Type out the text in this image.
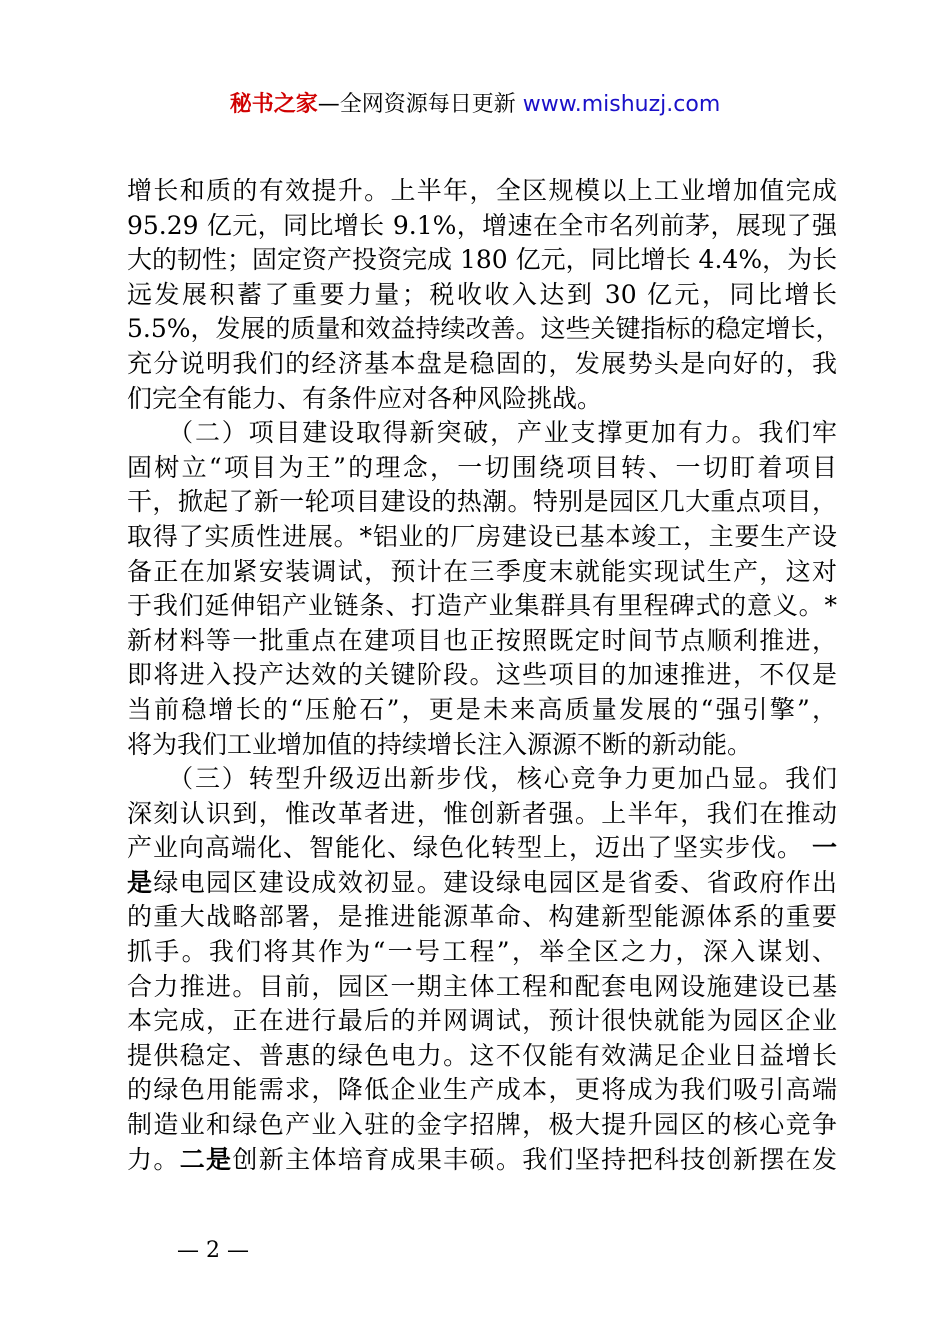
秘书之家—全网资源每日更新 www.mishuzj.com
增长和质的有效提升。上半年，全区规模以上工业增加值完成
95.29 亿元，同比增长 9.1%，增速在全市名列前茅，展现了强
大的韧性；固定资产投资完成 180 亿元，同比增长 4.4%，为长
远发展积蓄了重要力量；税收收入达到 30 亿元，同比增长
5.5%，发展的质量和效益持续改善。这些关键指标的稳定增长，
充分说明我们的经济基本盘是稳固的，发展势头是向好的，我
们完全有能力、有条件应对各种风险挑战。
　　（二）项目建设取得新突破，产业支撑更加有力。我们牢
固树立“项目为王”的理念，一切围绕项目转、一切盯着项目
干，掀起了新一轮项目建设的热潮。特别是园区几大重点项目，
取得了实质性进展。*铝业的厂房建设已基本竣工，主要生产设
备正在加紧安装调试，预计在三季度末就能实现试生产，这对
于我们延伸铝产业链条、打造产业集群具有里程碑式的意义。*
新材料等一批重点在建项目也正按照既定时间节点顺利推进，
即将进入投产达效的关键阶段。这些项目的加速推进，不仅是
当前稳增长的“压舱石”，更是未来高质量发展的“强引擎”，
将为我们工业增加值的持续增长注入源源不断的新动能。
　　（三）转型升级迈出新步伐，核心竞争力更加凸显。我们
深刻认识到，惟改革者进，惟创新者强。上半年，我们在推动
产业向高端化、智能化、绿色化转型上，迈出了坚实步伐。 一
是绿电园区建设成效初显。建设绿电园区是省委、省政府作出
的重大战略部署，是推进能源革命、构建新型能源体系的重要
抓手。我们将其作为“一号工程”，举全区之力，深入谋划、
合力推进。目前，园区一期主体工程和配套电网设施建设已基
本完成，正在进行最后的并网调试，预计很快就能为园区企业
提供稳定、普惠的绿色电力。这不仅能有效满足企业日益增长
的绿色用能需求，降低企业生产成本，更将成为我们吸引高端
制造业和绿色产业入驻的金字招牌，极大提升园区的核心竞争
力。二是创新主体培育成果丰硕。我们坚持把科技创新摆在发
— 2 —
